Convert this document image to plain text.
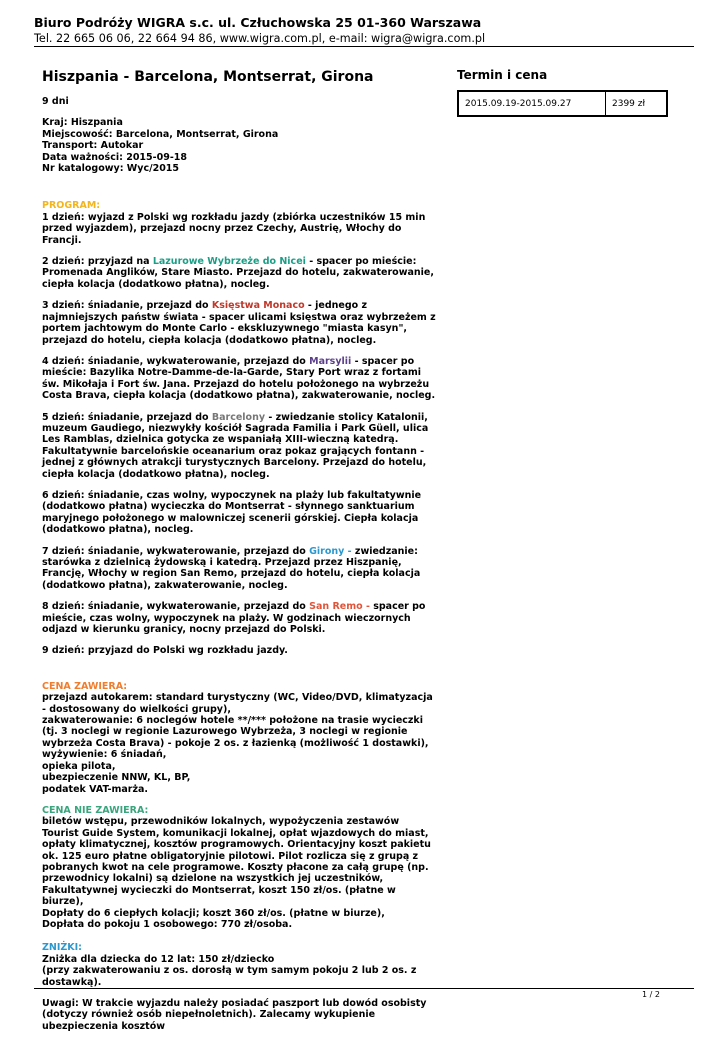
Biuro Podróży WIGRA s.c. ul. Człuchowska 25 01-360 Warszawa
Tel. 22 665 06 06, 22 664 94 86, www.wigra.com.pl, e-mail: wigra@wigra.com.pl
Hiszpania - Barcelona, Montserrat, Girona

9 dni

Kraj: Hiszpania
Miejscowość: Barcelona, Montserrat, Girona
Transport: Autokar
Data ważności: 2015-09-18
Nr katalogowy: Wyc/2015
PROGRAM:

1 dzień: wyjazd z Polski wg rozkładu jazdy (zbiórka uczestników 15 min przed wyjazdem), przejazd nocny przez Czechy, Austrię, Włochy do Francji.

2 dzień: przyjazd na Lazurowe Wybrzeże do Nicei - spacer po mieście: Promenada Anglików, Stare Miasto. Przejazd do hotelu, zakwaterowanie, ciepła kolacja (dodatkowo płatna), nocleg.

3 dzień: śniadanie, przejazd do Księstwa Monaco - jednego z najmniejszych państw świata - spacer ulicami księstwa oraz wybrzeżem z portem jachtowym do Monte Carlo - ekskluzywnego "miasta kasyn", przejazd do hotelu, ciepła kolacja (dodatkowo płatna), nocleg.

4 dzień: śniadanie, wykwaterowanie, przejazd do Marsylii - spacer po mieście: Bazylika Notre-Damme-de-la-Garde, Stary Port wraz z fortami św. Mikołaja i Fort św. Jana. Przejazd do hotelu położonego na wybrzeżu Costa Brava, ciepła kolacja (dodatkowo płatna), zakwaterowanie, nocleg.

5 dzień: śniadanie, przejazd do Barcelony - zwiedzanie stolicy Katalonii, muzeum Gaudiego, niezwykły kościół Sagrada Familia i Park Güell, ulica Les Ramblas, dzielnica gotycka ze wspaniałą XIII-wieczną katedrą. Fakultatywnie barcelońskie oceanarium oraz pokaz grających fontann - jednej z głównych atrakcji turystycznych Barcelony. Przejazd do hotelu, ciepła kolacja (dodatkowo płatna), nocleg.

6 dzień: śniadanie, czas wolny, wypoczynek na plaży lub fakultatywnie (dodatkowo płatna) wycieczka do Montserrat - słynnego sanktuarium maryjnego położonego w malowniczej scenerii górskiej. Ciepła kolacja (dodatkowo płatna), nocleg.

7 dzień: śniadanie, wykwaterowanie, przejazd do Girony - zwiedzanie: starówka z dzielnicą żydowską i katedrą. Przejazd przez Hiszpanię, Francję, Włochy w region San Remo, przejazd do hotelu, ciepła kolacja (dodatkowo płatna), zakwaterowanie, nocleg.

8 dzień: śniadanie, wykwaterowanie, przejazd do San Remo - spacer po mieście, czas wolny, wypoczynek na plaży. W godzinach wieczornych odjazd w kierunku granicy, nocny przejazd do Polski.

9 dzień: przyjazd do Polski wg rozkładu jazdy.

CENA ZAWIERA:
przejazd autokarem: standard turystyczny (WC, Video/DVD, klimatyzacja - dostosowany do wielkości grupy),
zakwaterowanie: 6 noclegów hotele **/*** położone na trasie wycieczki (tj. 3 noclegi w regionie Lazurowego Wybrzeża, 3 noclegi w regionie wybrzeża Costa Brava) - pokoje 2 os. z łazienką (możliwość 1 dostawki),
wyżywienie: 6 śniadań,
opieka pilota,
ubezpieczenie NNW, KL, BP,
podatek VAT-marża.
CENA NIE ZAWIERA:
biletów wstępu, przewodników lokalnych, wypożyczenia zestawów Tourist Guide System, komunikacji lokalnej, opłat wjazdowych do miast, opłaty klimatycznej, kosztów programowych. Orientacyjny koszt pakietu ok. 125 euro płatne obligatoryjnie pilotowi. Pilot rozlicza się z grupą z pobranych kwot na cele programowe. Koszty płacone za całą grupę (np. przewodnicy lokalni) są dzielone na wszystkich jej uczestników,
Fakultatywnej wycieczki do Montserrat, koszt 150 zł/os. (płatne w biurze),
Dopłaty do 6 ciepłych kolacji; koszt 360 zł/os. (płatne w biurze),
Dopłata do pokoju 1 osobowego: 770 zł/osoba.
ZNIŻKI:
Zniżka dla dziecka do 12 lat: 150 zł/dziecko
(przy zakwaterowaniu z os. dorosłą w tym samym pokoju 2 lub 2 os. z dostawką).

Uwagi: W trakcie wyjazdu należy posiadać paszport lub dowód osobisty (dotyczy również osób niepełnoletnich). Zalecamy wykupienie ubezpieczenia kosztów

Termin i cena
2015.09.19-2015.09.27	2399 zł
1 / 2
